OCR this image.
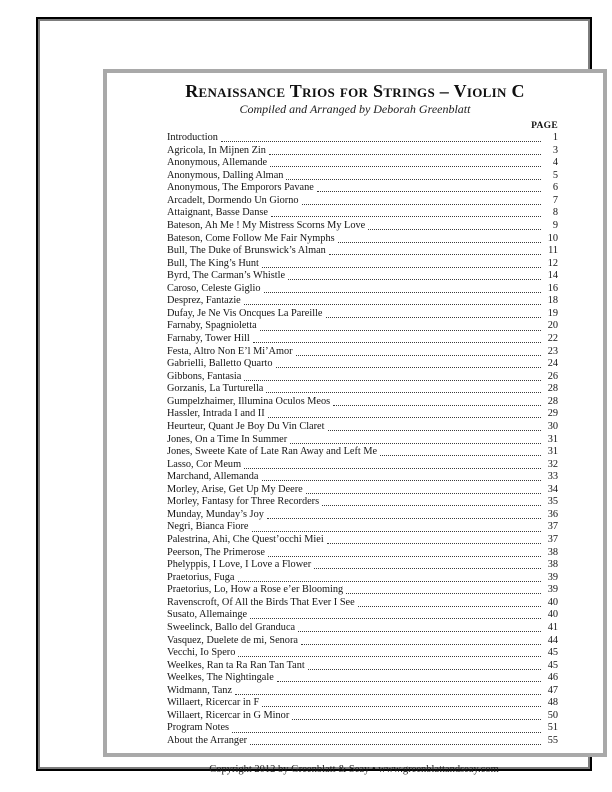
Renaissance Trios for Strings – Violin C
Compiled and Arranged by Deborah Greenblatt
PAGE
Introduction	1
Agricola, In Mijnen Zin	3
Anonymous, Allemande	4
Anonymous, Dalling Alman	5
Anonymous, The Emporors Pavane	6
Arcadelt, Dormendo Un Giorno	7
Attaignant, Basse Danse	8
Bateson, Ah Me ! My Mistress Scorns My Love	9
Bateson, Come Follow Me Fair Nymphs	10
Bull, The Duke of Brunswick’s Alman	11
Bull, The King’s Hunt	12
Byrd, The Carman’s Whistle	14
Caroso, Celeste Giglio	16
Desprez, Fantazie	18
Dufay, Je Ne Vis Oncques La Pareille	19
Farnaby, Spagnioletta	20
Farnaby, Tower Hill	22
Festa, Altro Non E’l Mi’Amor	23
Gabrielli, Balletto Quarto	24
Gibbons, Fantasia	26
Gorzanis, La Turturella	28
Gumpelzhaimer, Illumina Oculos Meos	28
Hassler, Intrada I and II	29
Heurteur, Quant Je Boy Du Vin Claret	30
Jones, On a Time In Summer	31
Jones, Sweete Kate of Late Ran Away and Left Me	31
Lasso, Cor Meum	32
Marchand, Allemanda	33
Morley, Arise, Get Up My Deere	34
Morley, Fantasy for Three Recorders	35
Munday, Munday’s Joy	36
Negri, Bianca Fiore	37
Palestrina, Ahi, Che Quest’occhi Miei	37
Peerson, The Primerose	38
Phelyppis, I Love, I Love a Flower	38
Praetorius, Fuga	39
Praetorius, Lo, How a Rose e’er Blooming	39
Ravenscroft, Of All the Birds That Ever I See	40
Susato, Allemainge	40
Sweelinck, Ballo del Granduca	41
Vasquez, Duelete de mi, Senora	44
Vecchi, Io Spero	45
Weelkes, Ran ta Ra Ran Tan Tant	45
Weelkes, The Nightingale	46
Widmann, Tanz	47
Willaert, Ricercar in F	48
Willaert, Ricercar in G Minor	50
Program Notes	51
About the Arranger	55
Copyright 2012 by Greenblatt & Seay • www.greenblattandseay.com
